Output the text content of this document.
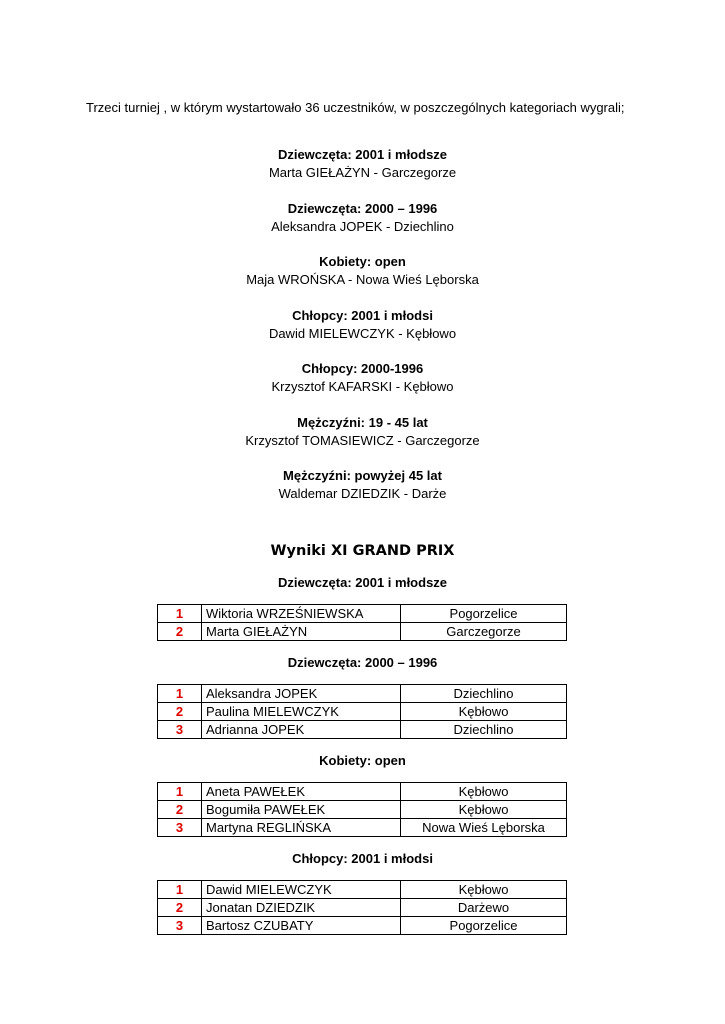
Trzeci turniej , w którym wystartowało 36 uczestników, w poszczególnych kategoriach wygrali;
Dziewczęta: 2001 i młodsze
Marta GIEŁAŻYN - Garczegorze
Dziewczęta: 2000 – 1996
Aleksandra JOPEK - Dziechlino
Kobiety: open
Maja WROŃSKA - Nowa Wieś Lęborska
Chłopcy: 2001 i młodsi
Dawid MIELEWCZYK - Kębłowo
Chłopcy: 2000-1996
Krzysztof KAFARSKI - Kębłowo
Mężczyźni: 19 - 45 lat
Krzysztof TOMASIEWICZ - Garczegorze
Mężczyźni: powyżej 45 lat
Waldemar DZIEDZIK - Darże
Wyniki XI GRAND PRIX
Dziewczęta: 2001 i młodsze
1	Wiktoria WRZEŚNIEWSKA	Pogorzelice
2	Marta GIEŁAŻYN	Garczegorze
Dziewczęta: 2000 – 1996
1	Aleksandra JOPEK	Dziechlino
2	Paulina MIELEWCZYK	Kębłowo
3	Adrianna JOPEK	Dziechlino
Kobiety: open
1	Aneta PAWEŁEK	Kębłowo
2	Bogumiła PAWEŁEK	Kębłowo
3	Martyna REGLIŃSKA	Nowa Wieś Lęborska
Chłopcy: 2001 i młodsi
1	Dawid MIELEWCZYK	Kębłowo
2	Jonatan DZIEDZIK	Darżewo
3	Bartosz CZUBATY	Pogorzelice
